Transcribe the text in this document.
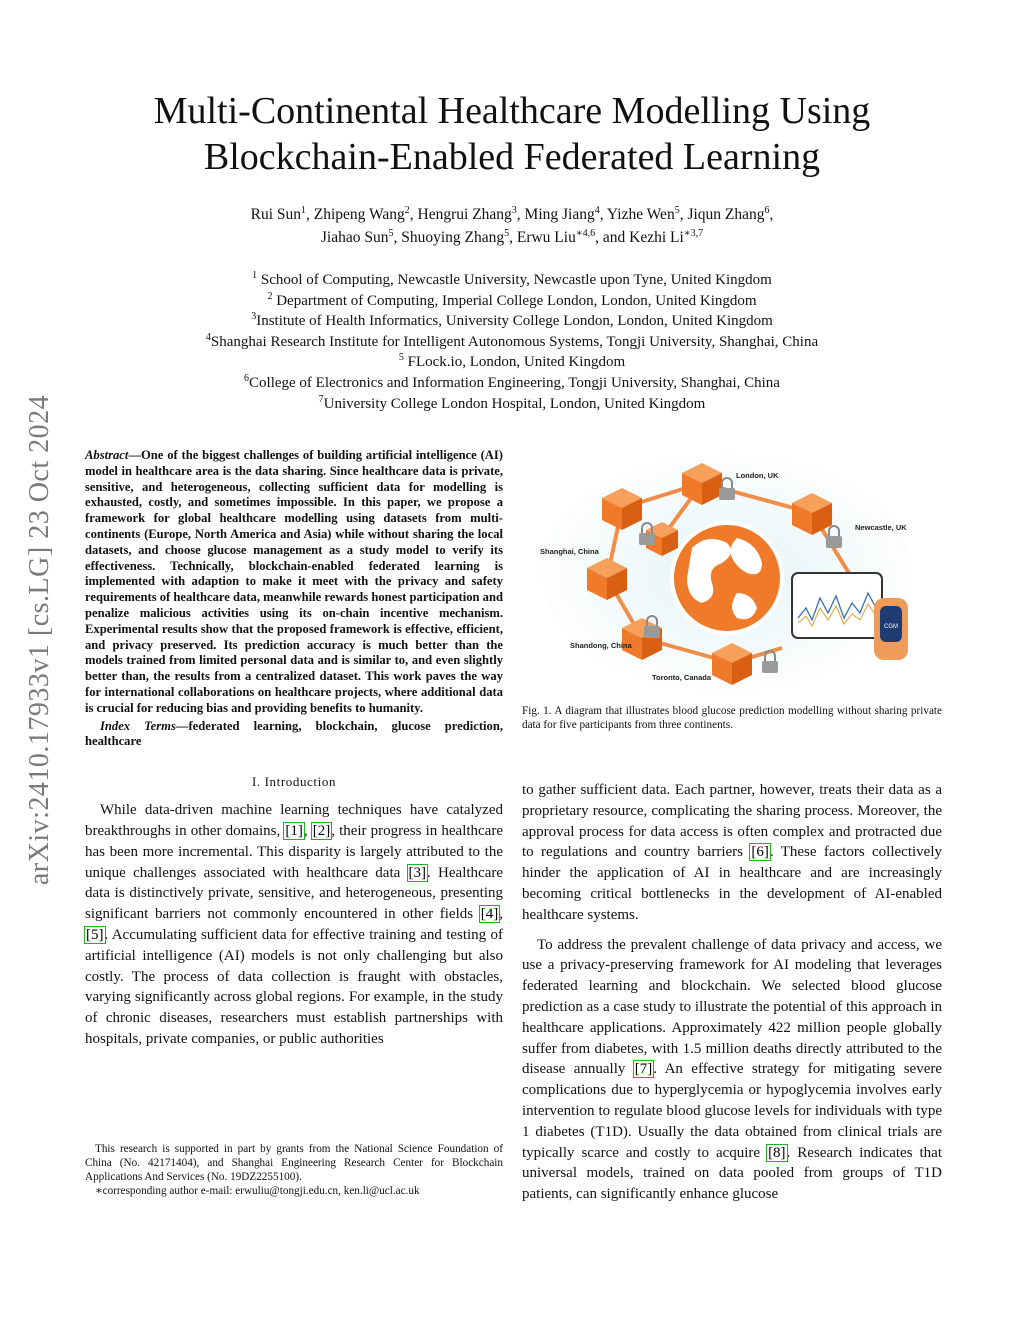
arXiv:2410.17933v1 [cs.LG] 23 Oct 2024
Multi-Continental Healthcare Modelling Using Blockchain-Enabled Federated Learning
Rui Sun$^1$, Zhipeng Wang$^2$, Hengrui Zhang$^3$, Ming Jiang$^4$, Yizhe Wen$^5$, Jiqun Zhang$^6$,
Jiahao Sun$^5$, Shuoying Zhang$^5$, Erwu Liu$^{∗4,6}$, and Kezhi $Li^{∗3,7}$
$^1$ School of Computing, Newcastle University, Newcastle upon Tyne, United Kingdom
$^2$ Department of Computing, Imperial College London, London, United Kingdom
$^3$Institute of Health Informatics, University College London, London, United Kingdom
$^4$Shanghai Research Institute for Intelligent Autonomous Systems, Tongji University, Shanghai, China
$^5$ FLock.io, London, United Kingdom
$^6$College of Electronics and Information Engineering, Tongji University, Shanghai, China
$^7$University College London Hospital, London, United Kingdom

Abstract—One of the biggest challenges of building artificial intelligence (AI) model in healthcare area is the data sharing. Since healthcare data is private, sensitive, and heterogeneous, collecting sufficient data for modelling is exhausted, costly, and sometimes impossible. In this paper, we propose a framework for global healthcare modelling using datasets from multi-continents (Europe, North America and Asia) while without sharing the local datasets, and choose glucose management as a study model to verify its effectiveness. Technically, blockchain-enabled federated learning is implemented with adaption to make it meet with the privacy and safety requirements of healthcare data, meanwhile rewards honest participation and penalize malicious activities using its on-chain incentive mechanism. Experimental results show that the proposed framework is effective, efficient, and privacy preserved. Its prediction accuracy is much better than the models trained from limited personal data and is similar to, and even slightly better than, the results from a centralized dataset. This work paves the way for international collaborations on healthcare projects, where additional data is crucial for reducing bias and providing benefits to humanity.

Index Terms—federated learning, blockchain, glucose prediction, healthcare

I. Introduction

While data-driven machine learning techniques have catalyzed breakthroughs in other domains, [1], [2], their progress in healthcare has been more incremental. This disparity is largely attributed to the unique challenges associated with healthcare data [3]. Healthcare data is distinctively private, sensitive, and heterogeneous, presenting significant barriers not commonly encountered in other fields [4], [5]. Accumulating sufficient data for effective training and testing of artificial intelligence (AI) models is not only challenging but also costly. The process of data collection is fraught with obstacles, varying significantly across global regions. For example, in the study of chronic diseases, researchers must establish partnerships with hospitals, private companies, or public authorities

This research is supported in part by grants from the National Science Foundation of China (No. 42171404), and Shanghai Engineering Research Center for Blockchain Applications And Services (No. 19DZ2255100).

∗corresponding author e-mail: erwuliu@tongji.edu.cn, ken.li@ucl.ac.uk

CGM
London, UK
Newcastle, UK
Shanghai, China
Shandong, China
Toronto, Canada
Fig. 1. A diagram that illustrates blood glucose prediction modelling without sharing private data for five participants from three continents.

to gather sufficient data. Each partner, however, treats their data as a proprietary resource, complicating the sharing process. Moreover, the approval process for data access is often complex and protracted due to regulations and country barriers [6]. These factors collectively hinder the application of AI in healthcare and are increasingly becoming critical bottlenecks in the development of AI-enabled healthcare systems.

To address the prevalent challenge of data privacy and access, we use a privacy-preserving framework for AI modeling that leverages federated learning and blockchain. We selected blood glucose prediction as a case study to illustrate the potential of this approach in healthcare applications. Approximately 422 million people globally suffer from diabetes, with 1.5 million deaths directly attributed to the disease annually [7]. An effective strategy for mitigating severe complications due to hyperglycemia or hypoglycemia involves early intervention to regulate blood glucose levels for individuals with type 1 diabetes (T1D). Usually the data obtained from clinical trials are typically scarce and costly to acquire [8]. Research indicates that universal models, trained on data pooled from groups of T1D patients, can significantly enhance glucose
